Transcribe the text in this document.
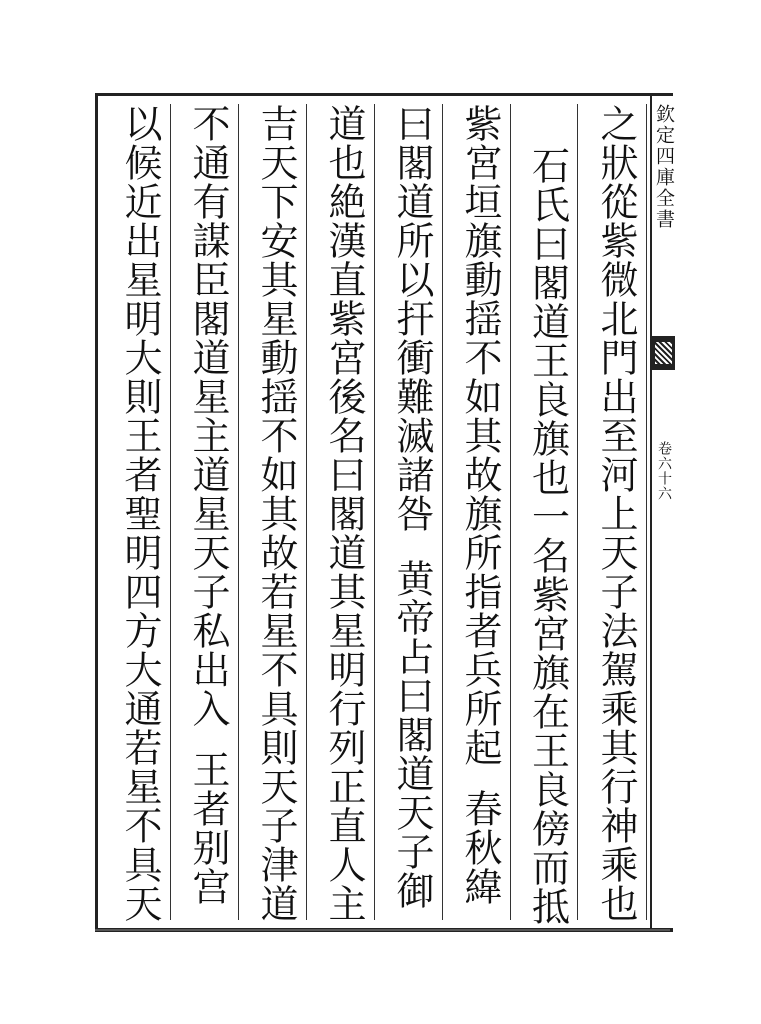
之狀從紫微北門出至河上天子法駕乘其行神乘也
石氏曰閣道王良旗也一名紫宮旗在王良傍而抵
紫宮垣旗動揺不如其故旗所指者兵所起
春秋緯
曰閣道所以扞衝難滅諸咎
黄帝占曰閣道天子御
道也絶漢直紫宮後名曰閣道其星明行列正直人主
吉天下安其星動揺不如其故若星不具則天子津道
不通有謀臣閣道星主道星天子私出入
王者别宫
以候近出星明大則王者聖明四方大通若星不具天	欽定四庫全書
卷六十六
